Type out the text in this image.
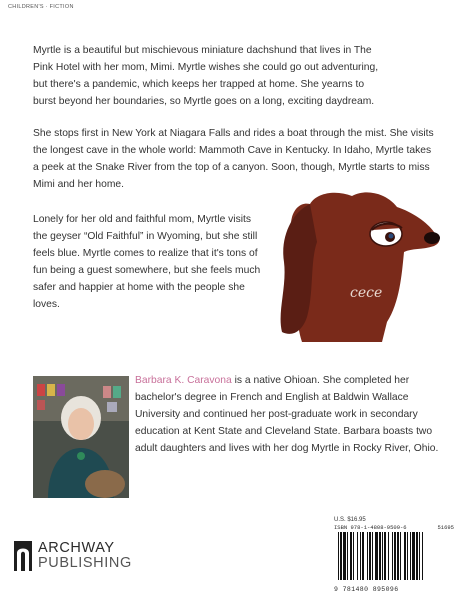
CHILDREN'S · FICTION

Myrtle is a beautiful but mischievous miniature dachshund that lives in The Pink Hotel with her mom, Mimi. Myrtle wishes she could go out adventuring, but there's a pandemic, which keeps her trapped at home. She yearns to burst beyond her boundaries, so Myrtle goes on a long, exciting daydream.

She stops first in New York at Niagara Falls and rides a boat through the mist. She visits the longest cave in the whole world: Mammoth Cave in Kentucky. In Idaho, Myrtle takes a peek at the Snake River from the top of a canyon. Soon, though, Myrtle starts to miss Mimi and her home.

Lonely for her old and faithful mom, Myrtle visits the geyser “Old Faithful” in Wyoming, but she still feels blue. Myrtle comes to realize that it's tons of fun being a guest somewhere, but she feels much safer and happier at home with the people she loves.

cece

Barbara K. Caravona is a native Ohioan. She completed her bachelor's degree in French and English at Baldwin Wallace University and continued her post-graduate work in secondary education at Kent State and Cleveland State. Barbara boasts two adult daughters and lives with her dog Myrtle in Rocky River, Ohio.

ARCHWAY
PUBLISHING
U.S. $16.95
ISBN 978-1-4808-9509-6	51695
9 781480 895096
